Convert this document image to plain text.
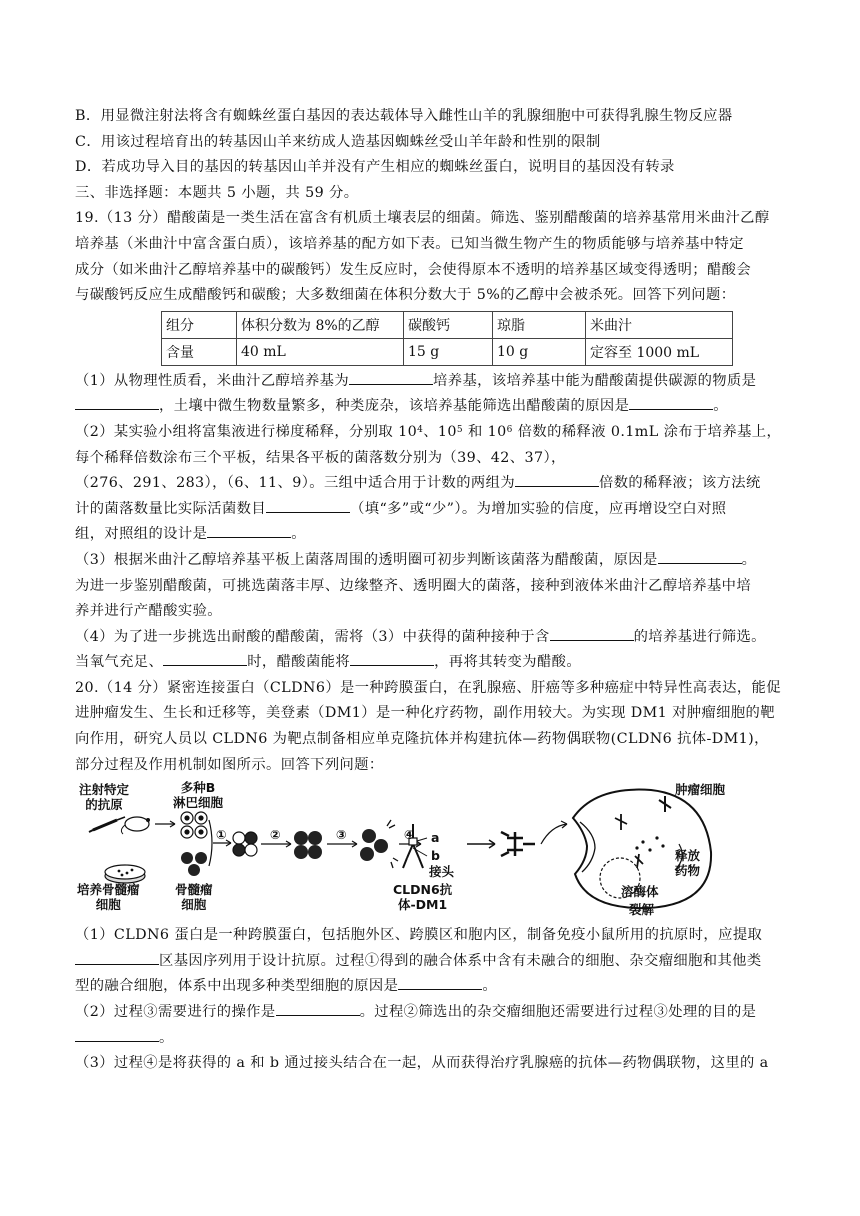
B．用显微注射法将含有蜘蛛丝蛋白基因的表达载体导入雌性山羊的乳腺细胞中可获得乳腺生物反应器
C．用该过程培育出的转基因山羊来纺成人造基因蜘蛛丝受山羊年龄和性别的限制
D．若成功导入目的基因的转基因山羊并没有产生相应的蜘蛛丝蛋白，说明目的基因没有转录
三、非选择题：本题共 5 小题，共 59 分。
19.（13 分）醋酸菌是一类生活在富含有机质土壤表层的细菌。筛选、鉴别醋酸菌的培养基常用米曲汁乙醇
培养基（米曲汁中富含蛋白质），该培养基的配方如下表。已知当微生物产生的物质能够与培养基中特定
成分（如米曲汁乙醇培养基中的碳酸钙）发生反应时，会使得原本不透明的培养基区域变得透明；醋酸会
与碳酸钙反应生成醋酸钙和碳酸；大多数细菌在体积分数大于 5%的乙醇中会被杀死。回答下列问题：
组分	体积分数为 8%的乙醇	碳酸钙	琼脂	米曲汁
含量	40 mL	15 g	10 g	定容至 1000 mL
（1）从物理性质看，米曲汁乙醇培养基为	培养基，该培养基中能为醋酸菌提供碳源的物质是
，土壤中微生物数量繁多，种类庞杂，该培养基能筛选出醋酸菌的原因是	。
（2）某实验小组将富集液进行梯度稀释，分别取 $10^4$、$10^5$ 和 $10^6$ 倍数的稀释液 0.1mL 涂布于培养基上，
每个稀释倍数涂布三个平板，结果各平板的菌落数分别为（39、42、37），
（276、291、283），（6、11、9）。三组中适合用于计数的两组为	倍数的稀释液；该方法统
计的菌落数量比实际活菌数目	（填“多”或“少”）。为增加实验的信度，应再增设空白对照
组，对照组的设计是	。
（3）根据米曲汁乙醇培养基平板上菌落周围的透明圈可初步判断该菌落为醋酸菌，原因是	。
为进一步鉴别醋酸菌，可挑选菌落丰厚、边缘整齐、透明圈大的菌落，接种到液体米曲汁乙醇培养基中培
养并进行产醋酸实验。
（4）为了进一步挑选出耐酸的醋酸菌，需将（3）中获得的菌种接种于含	的培养基进行筛选。
当氧气充足、	时，醋酸菌能将	，再将其转变为醋酸。
20.（14 分）紧密连接蛋白（CLDN6）是一种跨膜蛋白，在乳腺癌、肝癌等多种癌症中特异性高表达，能促
进肿瘤发生、生长和迁移等，美登素（DM1）是一种化疗药物，副作用较大。为实现 DM1 对肿瘤细胞的靶
向作用，研究人员以 CLDN6 为靶点制备相应单克隆抗体并构建抗体—药物偶联物(CLDN6 抗体-DM1)，
部分过程及作用机制如图所示。回答下列问题：
注射特定
的抗原
多种B
淋巴细胞
培养骨髓瘤
细胞
骨髓瘤
细胞
①	②	③	④ a
b
接头
CLDN6抗
体-DM1
肿瘤细胞
释放
药物
溶酶体
裂解
（1）CLDN6 蛋白是一种跨膜蛋白，包括胞外区、跨膜区和胞内区，制备免疫小鼠所用的抗原时，应提取
区基因序列用于设计抗原。过程①得到的融合体系中含有未融合的细胞、杂交瘤细胞和其他类
型的融合细胞，体系中出现多种类型细胞的原因是	。
（2）过程③需要进行的操作是	。过程②筛选出的杂交瘤细胞还需要进行过程③处理的目的是
。
（3）过程④是将获得的 a 和 b 通过接头结合在一起，从而获得治疗乳腺癌的抗体—药物偶联物，这里的 a
